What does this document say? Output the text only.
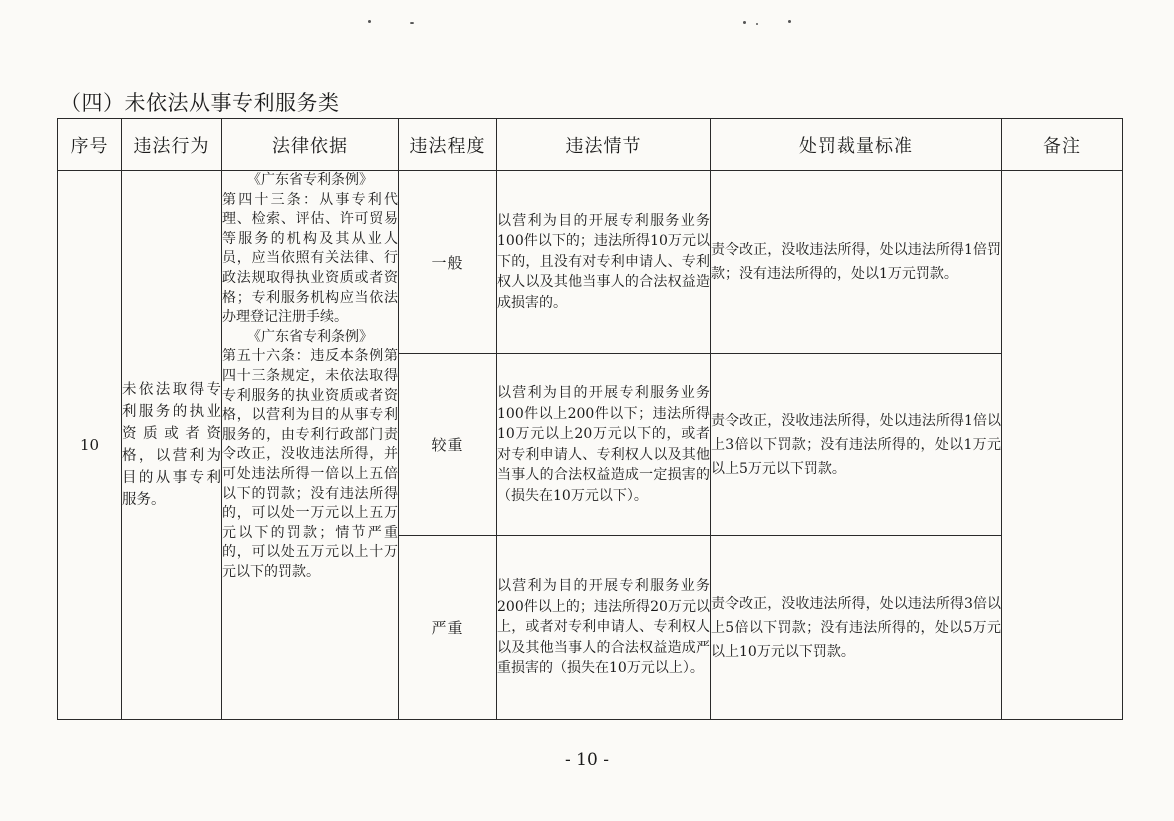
（四）未依法从事专利服务类
序号	违法行为	法律依据	违法程度	违法情节	处罚裁量标准	备注
10	未依法取得专利服务的执业资质或者资格，以营利为目的从事专利服务。	《广东省专利条例》
第四十三条：从事专利代理、检索、评估、许可贸易等服务的机构及其从业人员，应当依照有关法律、行政法规取得执业资质或者资格；专利服务机构应当依法办理登记注册手续。
《广东省专利条例》
第五十六条：违反本条例第四十三条规定，未依法取得专利服务的执业资质或者资格，以营利为目的从事专利服务的，由专利行政部门责令改正，没收违法所得，并可处违法所得一倍以上五倍以下的罚款；没有违法所得的，可以处一万元以上五万元以下的罚款；情节严重的，可以处五万元以上十万元以下的罚款。	一般	以营利为目的开展专利服务业务100件以下的；违法所得10万元以下的，且没有对专利申请人、专利权人以及其他当事人的合法权益造成损害的。	责令改正，没收违法所得，处以违法所得1倍罚款；没有违法所得的，处以1万元罚款。	
			较重	以营利为目的开展专利服务业务100件以上200件以下；违法所得10万元以上20万元以下的，或者对专利申请人、专利权人以及其他当事人的合法权益造成一定损害的（损失在10万元以下）。	责令改正，没收违法所得，处以违法所得1倍以上3倍以下罚款；没有违法所得的，处以1万元以上5万元以下罚款。	
			严重	以营利为目的开展专利服务业务200件以上的；违法所得20万元以上，或者对专利申请人、专利权人以及其他当事人的合法权益造成严重损害的（损失在10万元以上）。	责令改正，没收违法所得，处以违法所得3倍以上5倍以下罚款；没有违法所得的，处以5万元以上10万元以下罚款。	
- 10 -
